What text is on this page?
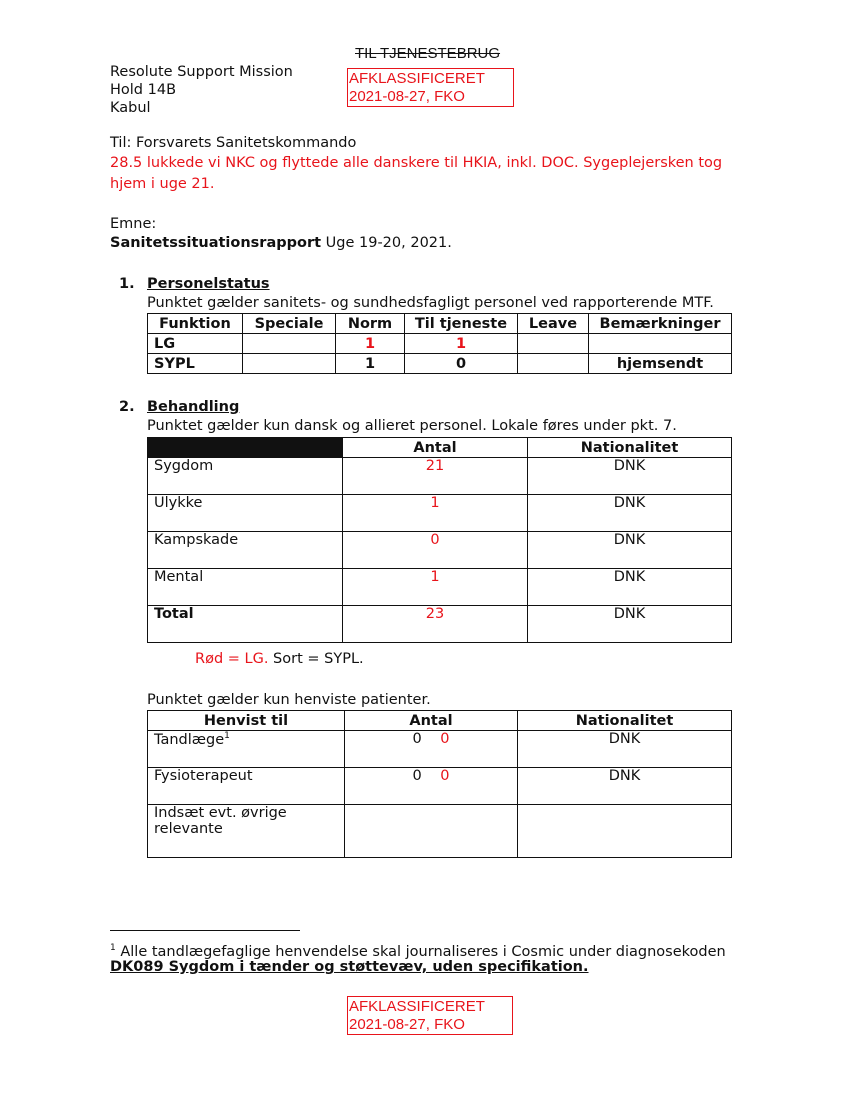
TIL TJENESTEBRUG
AFKLASSIFICERET
2021-08-27, FKO
Resolute Support Mission
Hold 14B
Kabul
Til: Forsvarets Sanitetskommando
28.5 lukkede vi NKC og flyttede alle danskere til HKIA, inkl. DOC. Sygeplejersken tog
hjem i uge 21.
Emne:
Sanitetssituationsrapport Uge 19-20, 2021.
1. Personelstatus
Punktet gælder sanitets- og sundhedsfagligt personel ved rapporterende MTF.
Funktion	Speciale	Norm	Til tjeneste	Leave	Bemærkninger
LG		1	1		
SYPL		1	0		hjemsendt
2. Behandling
Punktet gælder kun dansk og allieret personel. Lokale føres under pkt. 7.
	Antal	Nationalitet
Sygdom	21	DNK
Ulykke	1	DNK
Kampskade	0	DNK
Mental	1	DNK
Total	23	DNK
Rød = LG. Sort = SYPL.
Punktet gælder kun henviste patienter.
Henvist til	Antal	Nationalitet
Tandlæge$^1$	0 0	DNK
Fysioterapeut	0 0	DNK
Indsæt evt. øvrige relevante		
$^1$ Alle tandlægefaglige henvendelse skal journaliseres i Cosmic under diagnosekoden
DK089 Sygdom i tænder og støttevæv, uden specifikation.
AFKLASSIFICERET
2021-08-27, FKO
